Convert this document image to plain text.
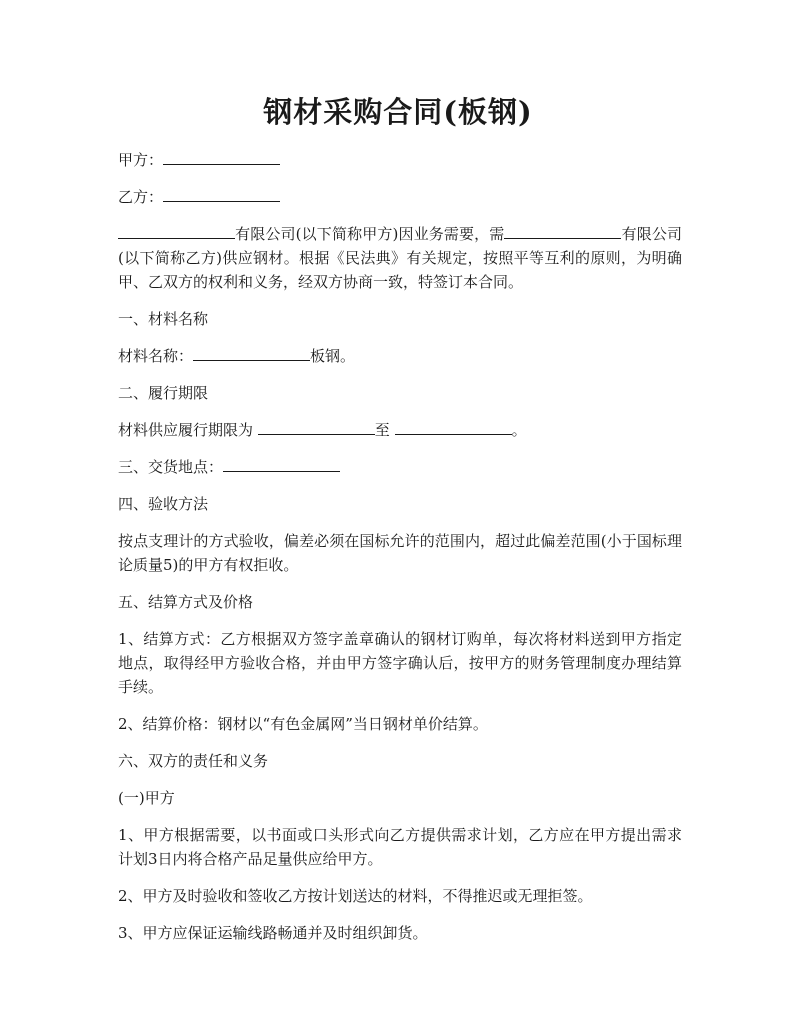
钢材采购合同(板钢)

甲方：

乙方：

有限公司(以下简称甲方)因业务需要，需	有限公司(以下简称乙方)供应钢材。根据《民法典》有关规定，按照平等互利的原则，为明确甲、乙双方的权利和义务，经双方协商一致，特签订本合同。

一、材料名称

材料名称：	板钢。

二、履行期限

材料供应履行期限为	至	。

三、交货地点：

四、验收方法

按点支理计的方式验收，偏差必须在国标允许的范围内，超过此偏差范围(小于国标理论质量5)的甲方有权拒收。

五、结算方式及价格

1、结算方式：乙方根据双方签字盖章确认的钢材订购单，每次将材料送到甲方指定地点，取得经甲方验收合格，并由甲方签字确认后，按甲方的财务管理制度办理结算手续。

2、结算价格：钢材以“有色金属网”当日钢材单价结算。

六、双方的责任和义务

(一)甲方

1、甲方根据需要，以书面或口头形式向乙方提供需求计划，乙方应在甲方提出需求计划3日内将合格产品足量供应给甲方。

2、甲方及时验收和签收乙方按计划送达的材料，不得推迟或无理拒签。

3、甲方应保证运输线路畅通并及时组织卸货。
